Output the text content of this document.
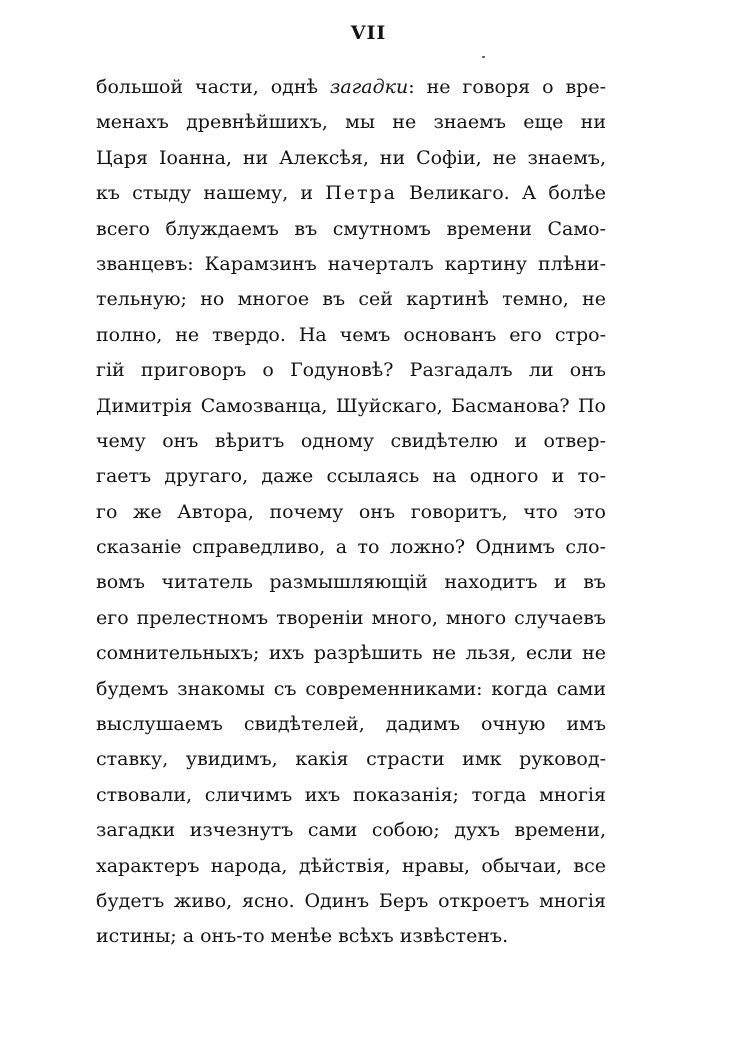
VII
большой части, однѣ загадки: не говоря о вре-
менахъ древнѣйшихъ, мы не знаемъ еще ни
Царя Іоанна, ни Алексѣя, ни Софіи, не знаемъ,
къ стыду нашему, и Петра Великаго. А болѣе
всего блуждаемъ въ смутномъ времени Само-
званцевъ: Карамзинъ начерталъ картину плѣни-
тельную; но многое въ сей картинѣ темно, не
полно, не твердо. На чемъ основанъ его стро-
гій приговоръ о Годуновѣ? Разгадалъ ли онъ
Димитрія Самозванца, Шуйскаго, Басманова? По
чему онъ вѣритъ одному свидѣтелю и отвер-
гаетъ другаго, даже ссылаясь на одного и то-
го же Автора, почему онъ говоритъ, что это
сказаніе справедливо, а то ложно? Однимъ сло-
вомъ читатель размышляющій находитъ и въ
его прелестномъ твореніи много, много случаевъ
сомнительныхъ; ихъ разрѣшить не льзя, если не
будемъ знакомы съ современниками: когда сами
выслушаемъ свидѣтелей, дадимъ очную имъ
ставку, увидимъ, какія страсти имк руковод-
ствовали, сличимъ ихъ показанія; тогда многія
загадки изчезнутъ сами собою; духъ времени,
характеръ народа, дѣйствія, нравы, обычаи, все
будетъ живо, ясно. Одинъ Беръ откроетъ многія
истины; а онъ-то менѣе всѣхъ извѣстенъ.
